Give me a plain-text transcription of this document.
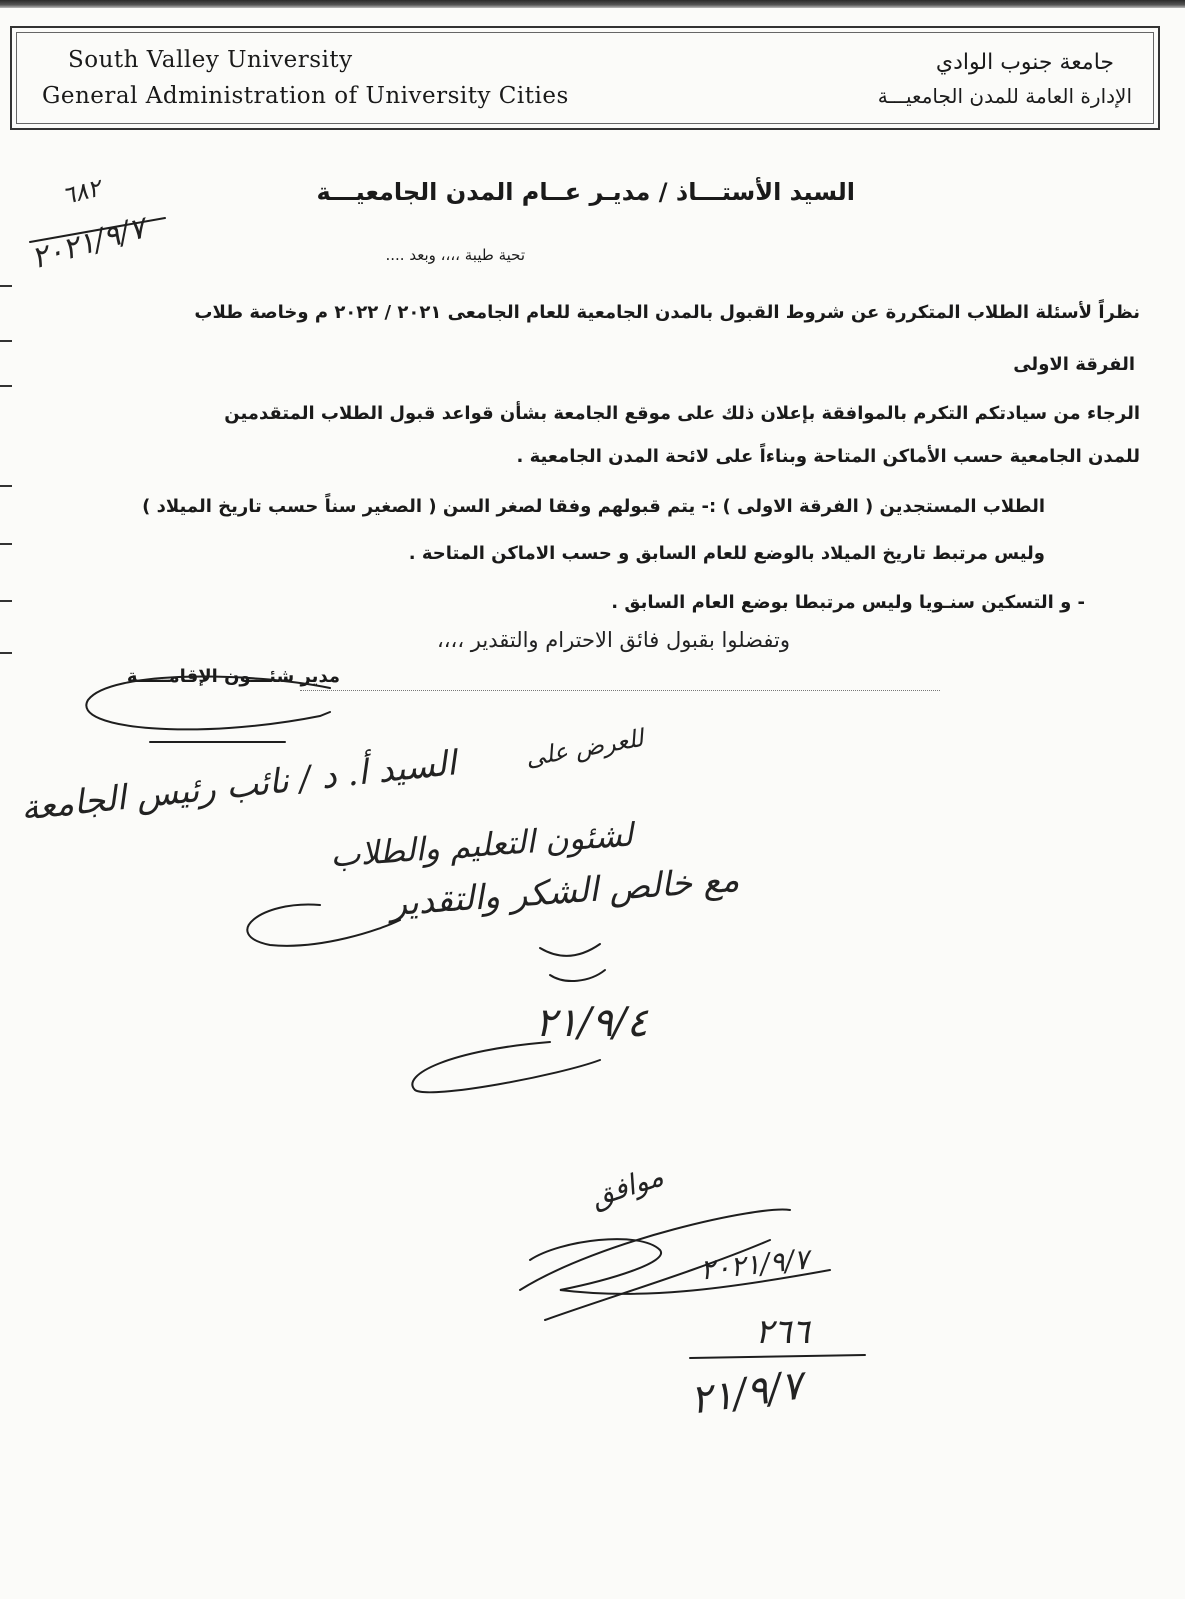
South Valley University
General Administration of University Cities
جامعة جنوب الوادي
الإدارة العامة للمدن الجامعيـــة
السيد الأستـــاذ / مديـر عــام المدن الجامعيـــة
تحية طيبة ،،،، وبعد ....
نظراً لأسئلة الطلاب المتكررة عن شروط القبول بالمدن الجامعية للعام الجامعى ٢٠٢١ / ٢٠٢٢ م وخاصة طلاب
الفرقة الاولى
الرجاء من سيادتكم التكرم بالموافقة بإعلان ذلك على موقع الجامعة بشأن قواعد قبول الطلاب المتقدمين
للمدن الجامعية حسب الأماكن المتاحة وبناءاً على لائحة المدن الجامعية .
الطلاب المستجدين ( الفرقة الاولى ) :- يتم قبولهم وفقا لصغر السن ( الصغير سناً حسب تاريخ الميلاد )
وليس مرتبط تاريخ الميلاد بالوضع للعام السابق و حسب الاماكن المتاحة .
- و التسكين سنـويا وليس مرتبطا بوضع العام السابق .
وتفضلوا بقبول فائق الاحترام والتقدير ،،،،
مدير شئـــون الإقامـــــة
٦٨٢
٢٠٢١/٩/٧
للعرض على
السيد أ. د / نائب رئيس الجامعة
لشئون التعليم والطلاب
مع خالص الشكر والتقدير
٢١/٩/٤
موافق
٢٠٢١/٩/٧
٢٦٦
٢١/٩/٧
